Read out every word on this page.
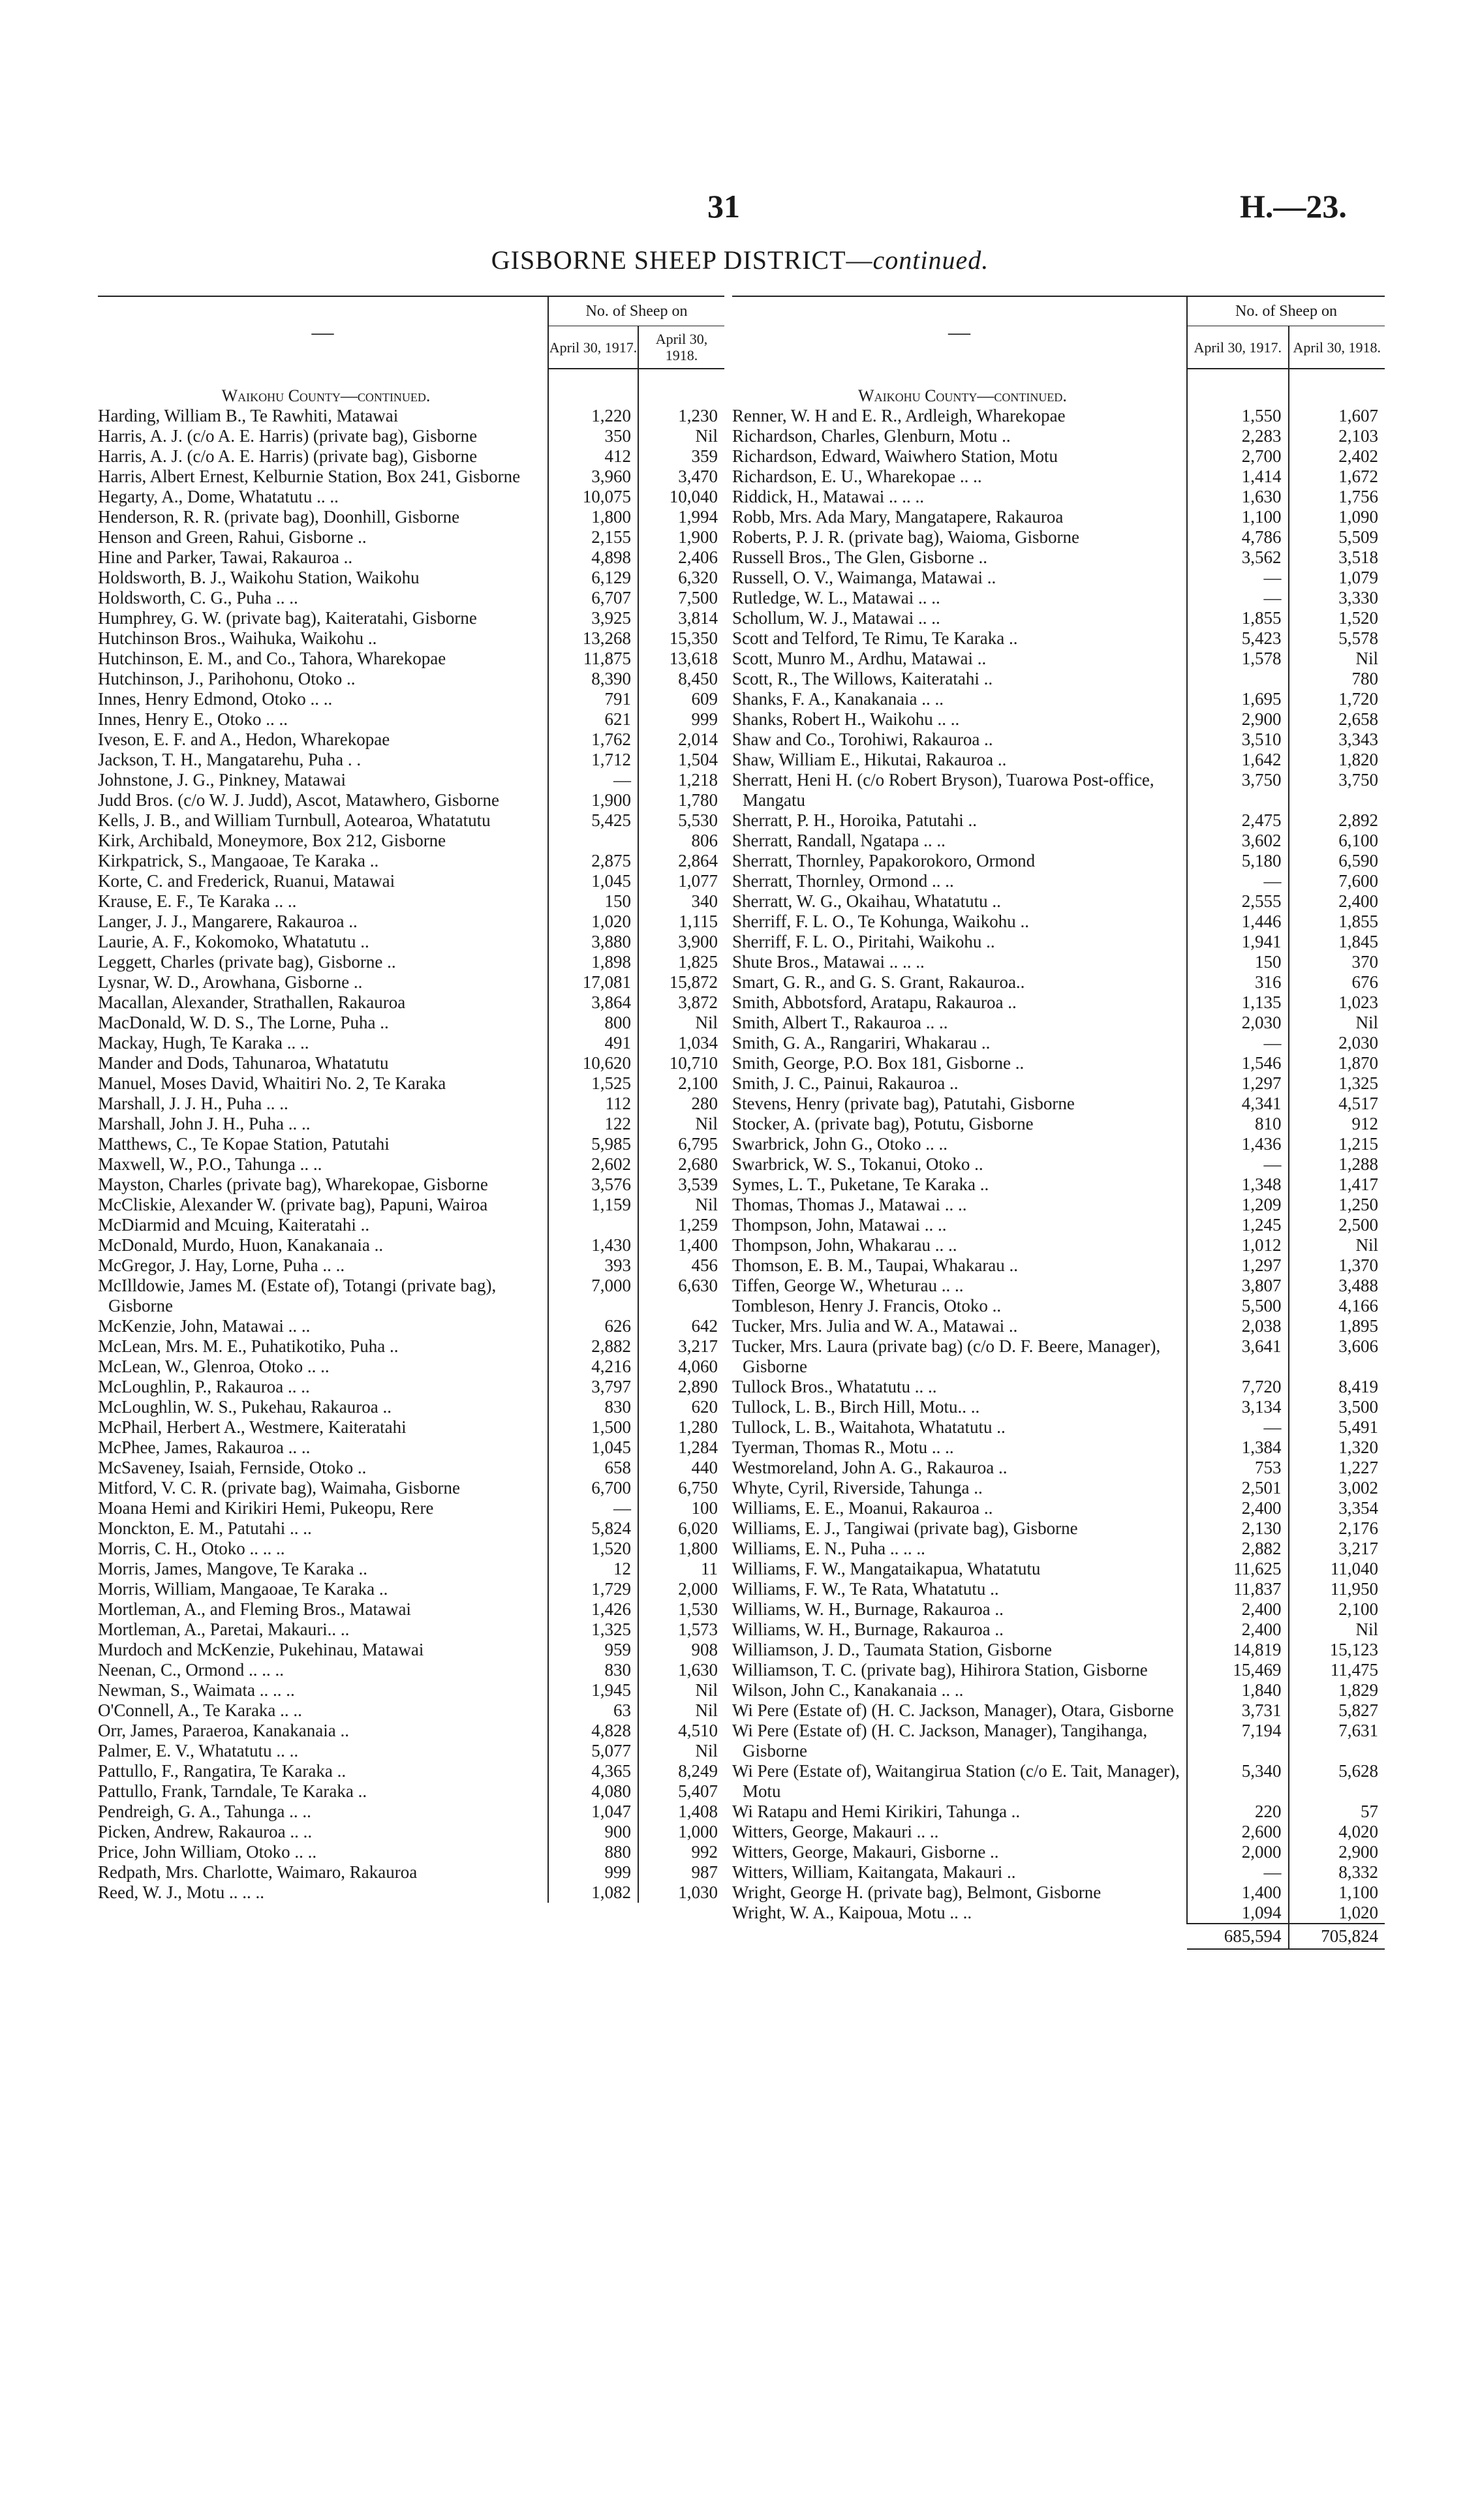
31	H.—23.
GISBORNE SHEEP DISTRICT—continued.
—	No. of Sheep on	
	April 30, 1917.	April 30, 1918.
Waikohu County—continued.		
Harding, William B., Te Rawhiti, Matawai	1,220	1,230
Harris, A. J. (c/o A. E. Harris) (private bag), Gisborne	350	Nil
Harris, A. J. (c/o A. E. Harris) (private bag), Gisborne	412	359
Harris, Albert Ernest, Kelburnie Station, Box 241, Gisborne	3,960	3,470
Hegarty, A., Dome, Whatatutu .. ..	10,075	10,040
Henderson, R. R. (private bag), Doonhill, Gisborne	1,800	1,994
Henson and Green, Rahui, Gisborne ..	2,155	1,900
Hine and Parker, Tawai, Rakauroa ..	4,898	2,406
Holdsworth, B. J., Waikohu Station, Waikohu	6,129	6,320
Holdsworth, C. G., Puha .. ..	6,707	7,500
Humphrey, G. W. (private bag), Kaiteratahi, Gisborne	3,925	3,814
Hutchinson Bros., Waihuka, Waikohu ..	13,268	15,350
Hutchinson, E. M., and Co., Tahora, Wharekopae	11,875	13,618
Hutchinson, J., Parihohonu, Otoko ..	8,390	8,450
Innes, Henry Edmond, Otoko .. ..	791	609
Innes, Henry E., Otoko .. ..	621	999
Iveson, E. F. and A., Hedon, Wharekopae	1,762	2,014
Jackson, T. H., Mangatarehu, Puha . .	1,712	1,504
Johnstone, J. G., Pinkney, Matawai	—	1,218
Judd Bros. (c/o W. J. Judd), Ascot, Matawhero, Gisborne	1,900	1,780
Kells, J. B., and William Turnbull, Aotearoa, Whatatutu	5,425	5,530
Kirk, Archibald, Moneymore, Box 212, Gisborne		806
Kirkpatrick, S., Mangaoae, Te Karaka ..	2,875	2,864
Korte, C. and Frederick, Ruanui, Matawai	1,045	1,077
Krause, E. F., Te Karaka .. ..	150	340
Langer, J. J., Mangarere, Rakauroa ..	1,020	1,115
Laurie, A. F., Kokomoko, Whatatutu ..	3,880	3,900
Leggett, Charles (private bag), Gisborne ..	1,898	1,825
Lysnar, W. D., Arowhana, Gisborne ..	17,081	15,872
Macallan, Alexander, Strathallen, Rakauroa	3,864	3,872
MacDonald, W. D. S., The Lorne, Puha ..	800	Nil
Mackay, Hugh, Te Karaka .. ..	491	1,034
Mander and Dods, Tahunaroa, Whatatutu	10,620	10,710
Manuel, Moses David, Whaitiri No. 2, Te Karaka	1,525	2,100
Marshall, J. J. H., Puha .. ..	112	280
Marshall, John J. H., Puha .. ..	122	Nil
Matthews, C., Te Kopae Station, Patutahi	5,985	6,795
Maxwell, W., P.O., Tahunga .. ..	2,602	2,680
Mayston, Charles (private bag), Wharekopae, Gisborne	3,576	3,539
McCliskie, Alexander W. (private bag), Papuni, Wairoa	1,159	Nil
McDiarmid and Mcuing, Kaiteratahi ..		1,259
McDonald, Murdo, Huon, Kanakanaia ..	1,430	1,400
McGregor, J. Hay, Lorne, Puha .. ..	393	456
McIlldowie, James M. (Estate of), Totangi (private bag), Gisborne	7,000	6,630
McKenzie, John, Matawai .. ..	626	642
McLean, Mrs. M. E., Puhatikotiko, Puha ..	2,882	3,217
McLean, W., Glenroa, Otoko .. ..	4,216	4,060
McLoughlin, P., Rakauroa .. ..	3,797	2,890
McLoughlin, W. S., Pukehau, Rakauroa ..	830	620
McPhail, Herbert A., Westmere, Kaiteratahi	1,500	1,280
McPhee, James, Rakauroa .. ..	1,045	1,284
McSaveney, Isaiah, Fernside, Otoko ..	658	440
Mitford, V. C. R. (private bag), Waimaha, Gisborne	6,700	6,750
Moana Hemi and Kirikiri Hemi, Pukeopu, Rere	—	100
Monckton, E. M., Patutahi .. ..	5,824	6,020
Morris, C. H., Otoko .. .. ..	1,520	1,800
Morris, James, Mangove, Te Karaka ..	12	11
Morris, William, Mangaoae, Te Karaka ..	1,729	2,000
Mortleman, A., and Fleming Bros., Matawai	1,426	1,530
Mortleman, A., Paretai, Makauri.. ..	1,325	1,573
Murdoch and McKenzie, Pukehinau, Matawai	959	908
Neenan, C., Ormond .. .. ..	830	1,630
Newman, S., Waimata .. .. ..	1,945	Nil
O'Connell, A., Te Karaka .. ..	63	Nil
Orr, James, Paraeroa, Kanakanaia ..	4,828	4,510
Palmer, E. V., Whatatutu .. ..	5,077	Nil
Pattullo, F., Rangatira, Te Karaka ..	4,365	8,249
Pattullo, Frank, Tarndale, Te Karaka ..	4,080	5,407
Pendreigh, G. A., Tahunga .. ..	1,047	1,408
Picken, Andrew, Rakauroa .. ..	900	1,000
Price, John William, Otoko .. ..	880	992
Redpath, Mrs. Charlotte, Waimaro, Rakauroa	999	987
Reed, W. J., Motu .. .. ..	1,082	1,030
—	No. of Sheep on	
	April 30, 1917.	April 30, 1918.
Waikohu County—continued.		
Renner, W. H and E. R., Ardleigh, Wharekopae	1,550	1,607
Richardson, Charles, Glenburn, Motu ..	2,283	2,103
Richardson, Edward, Waiwhero Station, Motu	2,700	2,402
Richardson, E. U., Wharekopae .. ..	1,414	1,672
Riddick, H., Matawai .. .. ..	1,630	1,756
Robb, Mrs. Ada Mary, Mangatapere, Rakauroa	1,100	1,090
Roberts, P. J. R. (private bag), Waioma, Gisborne	4,786	5,509
Russell Bros., The Glen, Gisborne ..	3,562	3,518
Russell, O. V., Waimanga, Matawai ..	—	1,079
Rutledge, W. L., Matawai .. ..	—	3,330
Schollum, W. J., Matawai .. ..	1,855	1,520
Scott and Telford, Te Rimu, Te Karaka ..	5,423	5,578
Scott, Munro M., Ardhu, Matawai ..	1,578	Nil
Scott, R., The Willows, Kaiteratahi ..		780
Shanks, F. A., Kanakanaia .. ..	1,695	1,720
Shanks, Robert H., Waikohu .. ..	2,900	2,658
Shaw and Co., Torohiwi, Rakauroa ..	3,510	3,343
Shaw, William E., Hikutai, Rakauroa ..	1,642	1,820
Sherratt, Heni H. (c/o Robert Bryson), Tuarowa Post-office, Mangatu	3,750	3,750
Sherratt, P. H., Horoika, Patutahi ..	2,475	2,892
Sherratt, Randall, Ngatapa .. ..	3,602	6,100
Sherratt, Thornley, Papakorokoro, Ormond	5,180	6,590
Sherratt, Thornley, Ormond .. ..	—	7,600
Sherratt, W. G., Okaihau, Whatatutu ..	2,555	2,400
Sherriff, F. L. O., Te Kohunga, Waikohu ..	1,446	1,855
Sherriff, F. L. O., Piritahi, Waikohu ..	1,941	1,845
Shute Bros., Matawai .. .. ..	150	370
Smart, G. R., and G. S. Grant, Rakauroa..	316	676
Smith, Abbotsford, Aratapu, Rakauroa ..	1,135	1,023
Smith, Albert T., Rakauroa .. ..	2,030	Nil
Smith, G. A., Rangariri, Whakarau ..	—	2,030
Smith, George, P.O. Box 181, Gisborne ..	1,546	1,870
Smith, J. C., Painui, Rakauroa ..	1,297	1,325
Stevens, Henry (private bag), Patutahi, Gisborne	4,341	4,517
Stocker, A. (private bag), Potutu, Gisborne	810	912
Swarbrick, John G., Otoko .. ..	1,436	1,215
Swarbrick, W. S., Tokanui, Otoko ..	—	1,288
Symes, L. T., Puketane, Te Karaka ..	1,348	1,417
Thomas, Thomas J., Matawai .. ..	1,209	1,250
Thompson, John, Matawai .. ..	1,245	2,500
Thompson, John, Whakarau .. ..	1,012	Nil
Thomson, E. B. M., Taupai, Whakarau ..	1,297	1,370
Tiffen, George W., Wheturau .. ..	3,807	3,488
Tombleson, Henry J. Francis, Otoko ..	5,500	4,166
Tucker, Mrs. Julia and W. A., Matawai ..	2,038	1,895
Tucker, Mrs. Laura (private bag) (c/o D. F. Beere, Manager), Gisborne	3,641	3,606
Tullock Bros., Whatatutu .. ..	7,720	8,419
Tullock, L. B., Birch Hill, Motu.. ..	3,134	3,500
Tullock, L. B., Waitahota, Whatatutu ..	—	5,491
Tyerman, Thomas R., Motu .. ..	1,384	1,320
Westmoreland, John A. G., Rakauroa ..	753	1,227
Whyte, Cyril, Riverside, Tahunga ..	2,501	3,002
Williams, E. E., Moanui, Rakauroa ..	2,400	3,354
Williams, E. J., Tangiwai (private bag), Gisborne	2,130	2,176
Williams, E. N., Puha .. .. ..	2,882	3,217
Williams, F. W., Mangataikapua, Whatatutu	11,625	11,040
Williams, F. W., Te Rata, Whatatutu ..	11,837	11,950
Williams, W. H., Burnage, Rakauroa ..	2,400	2,100
Williams, W. H., Burnage, Rakauroa ..	2,400	Nil
Williamson, J. D., Taumata Station, Gisborne	14,819	15,123
Williamson, T. C. (private bag), Hihirora Station, Gisborne	15,469	11,475
Wilson, John C., Kanakanaia .. ..	1,840	1,829
Wi Pere (Estate of) (H. C. Jackson, Manager), Otara, Gisborne	3,731	5,827
Wi Pere (Estate of) (H. C. Jackson, Manager), Tangihanga, Gisborne	7,194	7,631
Wi Pere (Estate of), Waitangirua Station (c/o E. Tait, Manager), Motu	5,340	5,628
Wi Ratapu and Hemi Kirikiri, Tahunga ..	220	57
Witters, George, Makauri .. ..	2,600	4,020
Witters, George, Makauri, Gisborne ..	2,000	2,900
Witters, William, Kaitangata, Makauri ..	—	8,332
Wright, George H. (private bag), Belmont, Gisborne	1,400	1,100
Wright, W. A., Kaipoua, Motu .. ..	1,094	1,020
	685,594	705,824
